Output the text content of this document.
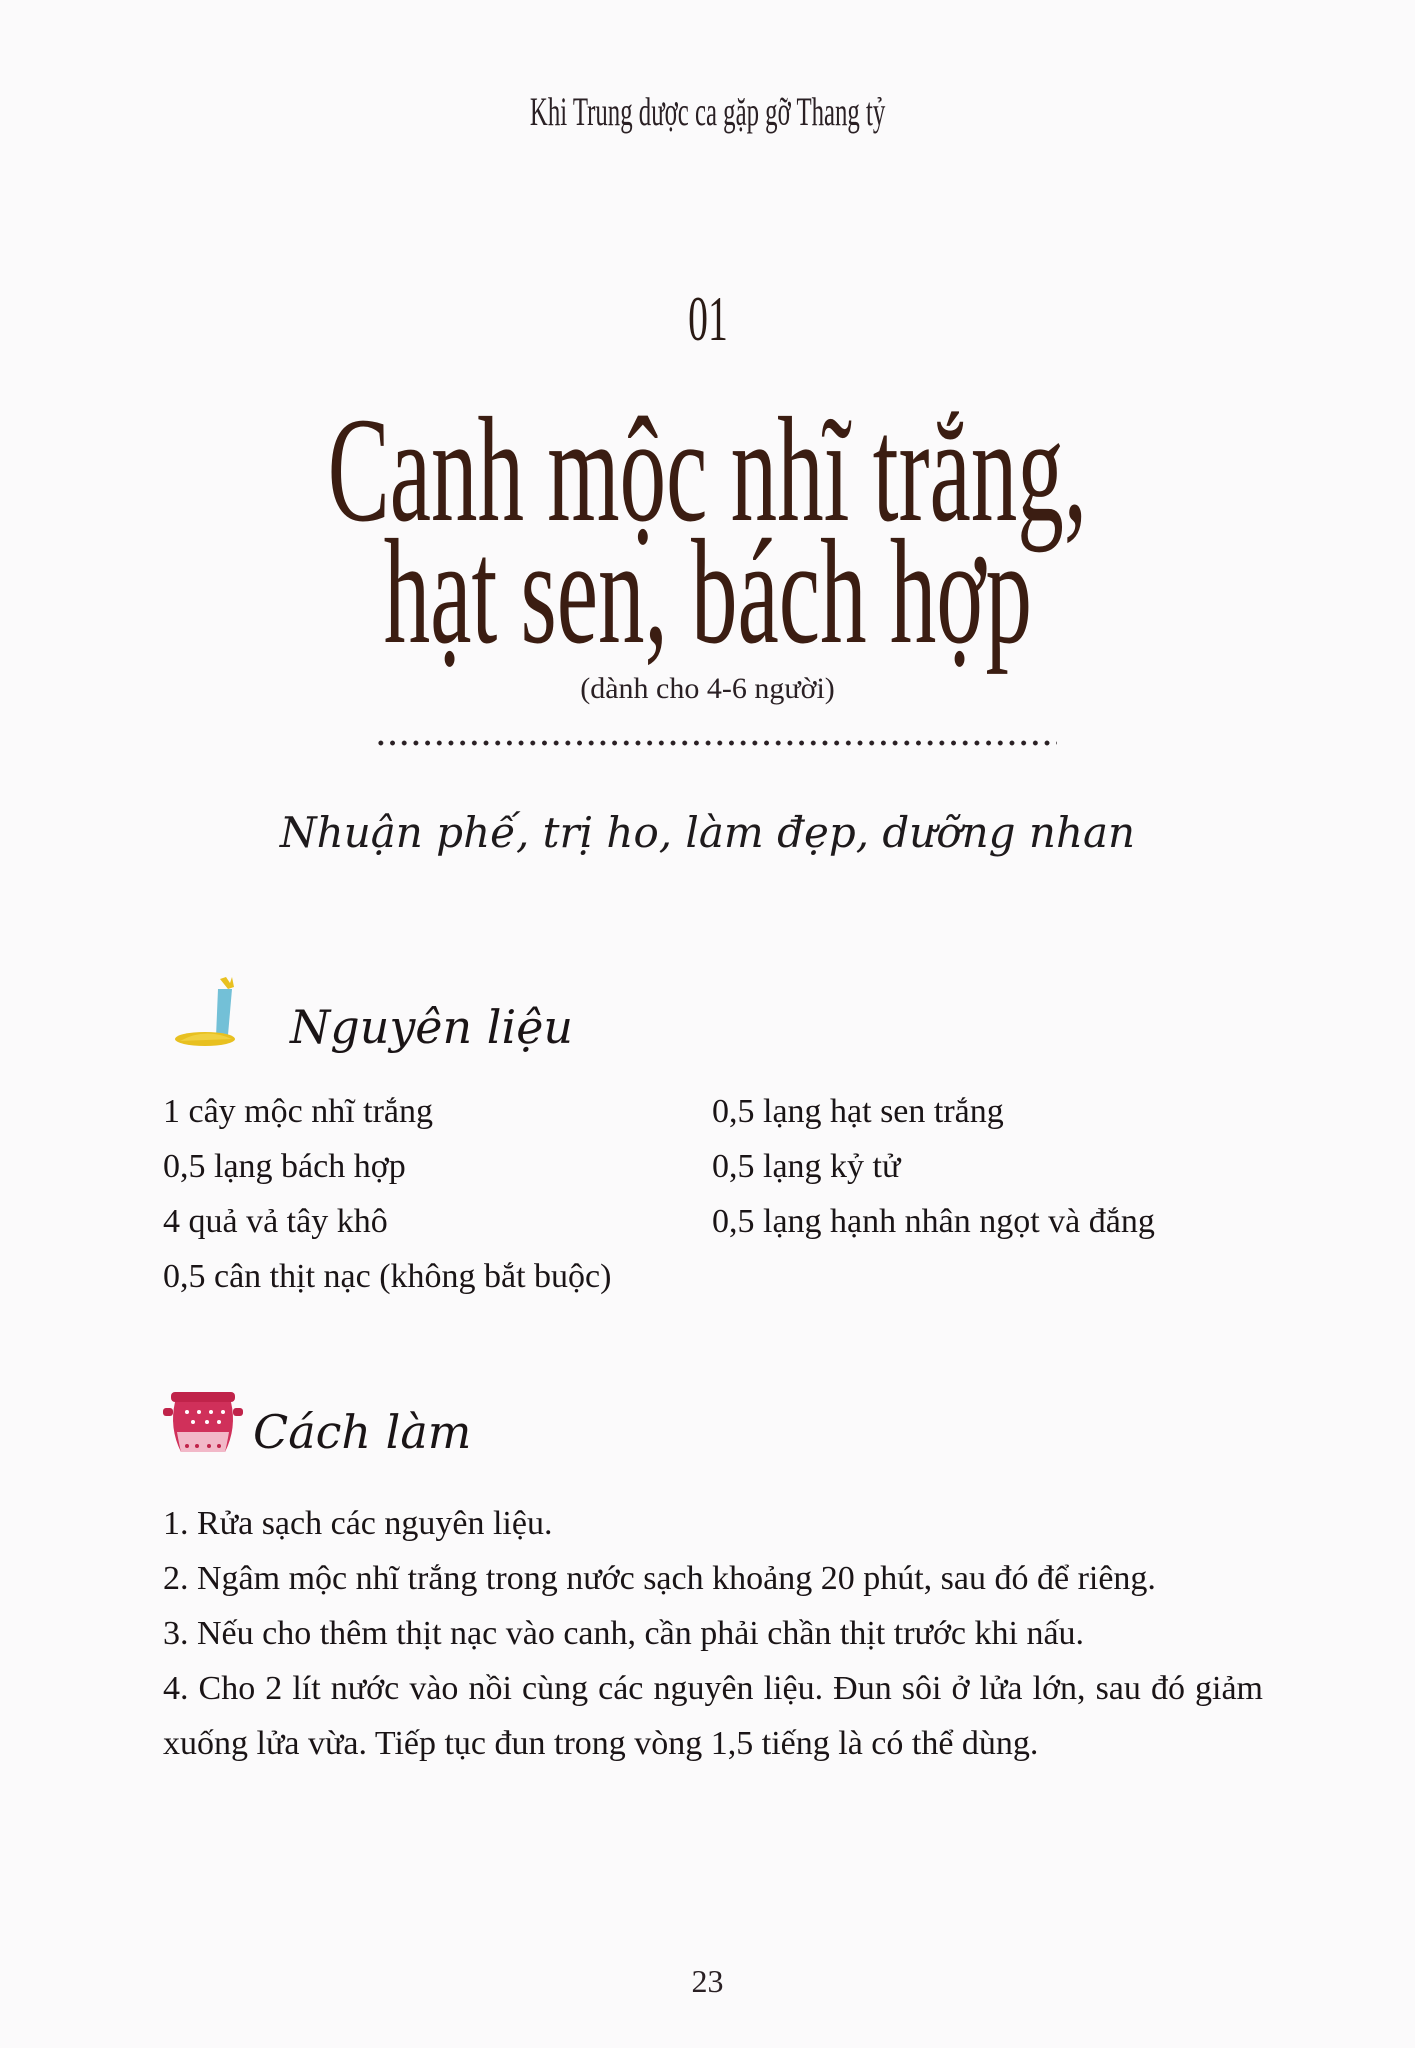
Khi Trung dược ca gặp gỡ Thang tỷ
01
Canh mộc nhĩ trắng,
hạt sen, bách hợp
(dành cho 4-6 người)
Nhuận phế, trị ho, làm đẹp, dưỡng nhan
Nguyên liệu
1 cây mộc nhĩ trắng
0,5 lạng bách hợp
4 quả vả tây khô
0,5 cân thịt nạc (không bắt buộc)
0,5 lạng hạt sen trắng
0,5 lạng kỷ tử
0,5 lạng hạnh nhân ngọt và đắng
Cách làm
1. Rửa sạch các nguyên liệu.
2. Ngâm mộc nhĩ trắng trong nước sạch khoảng 20 phút, sau đó để riêng.
3. Nếu cho thêm thịt nạc vào canh, cần phải chần thịt trước khi nấu.
4. Cho 2 lít nước vào nồi cùng các nguyên liệu. Đun sôi ở lửa lớn, sau đó giảm xuống lửa vừa. Tiếp tục đun trong vòng 1,5 tiếng là có thể dùng.
23
